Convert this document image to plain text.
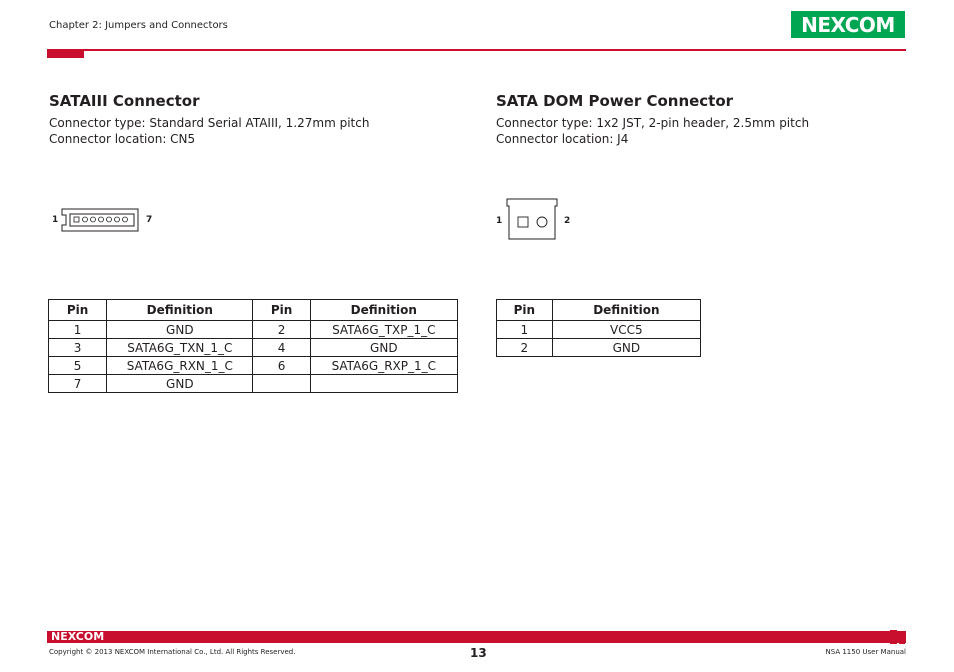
Chapter 2: Jumpers and Connectors	NEXCOM
SATAIII Connector
Connector type: Standard Serial ATAIII, 1.27mm pitch
Connector location: CN5
1	7
Pin	Definition	Pin	Definition
1	GND	2	SATA6G_TXP_1_C
3	SATA6G_TXN_1_C	4	GND
5	SATA6G_RXN_1_C	6	SATA6G_RXP_1_C
7	GND		
SATA DOM Power Connector
Connector type: 1x2 JST, 2-pin header, 2.5mm pitch
Connector location: J4
1	2
Pin	Definition
1	VCC5
2	GND
NEXCOM
Copyright © 2013 NEXCOM International Co., Ltd. All Rights Reserved.	13	NSA 1150 User Manual
